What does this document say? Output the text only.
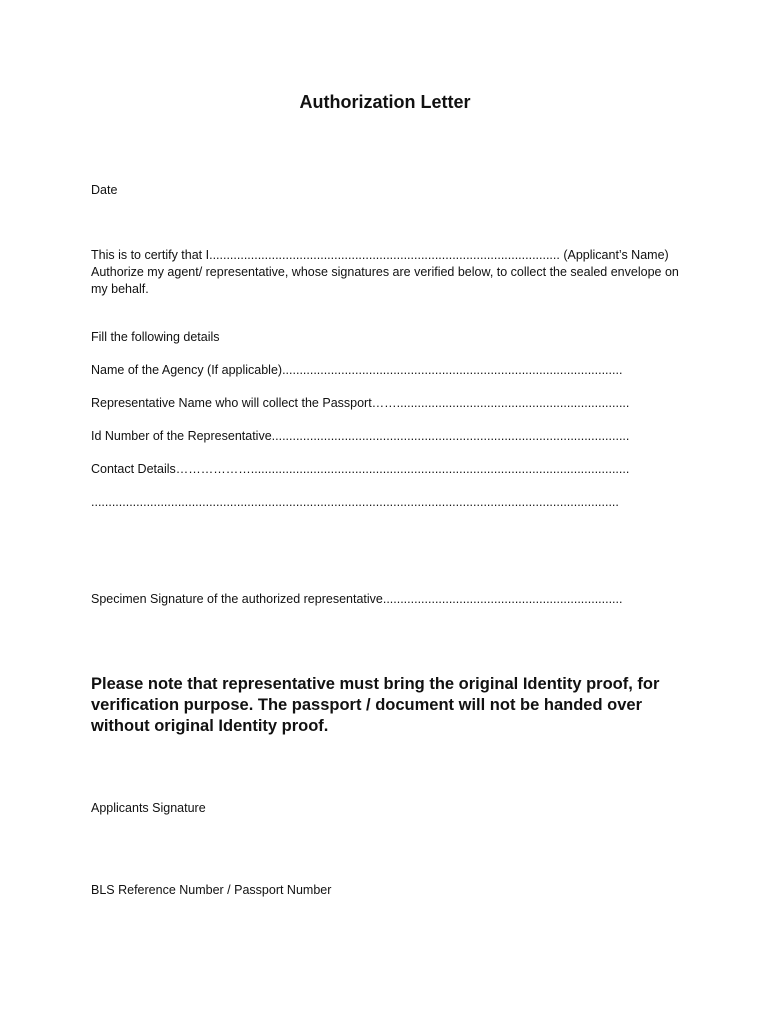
Authorization Letter

Date

This is to certify that I..................................................................................................... (Applicant’s Name) Authorize my agent/ representative, whose signatures are verified below, to collect the sealed envelope on my behalf.

Fill the following details

Name of the Agency (If applicable)..................................................................................................

Representative Name who will collect the Passport……...................................................................

Id Number of the Representative.......................................................................................................

Contact Details……………….............................................................................................................

........................................................................................................................................................

Specimen Signature of the authorized representative.....................................................................

Please note that representative must bring the original Identity proof, for verification purpose. The passport / document will not be handed over without original Identity proof.

Applicants Signature

BLS Reference Number / Passport Number
